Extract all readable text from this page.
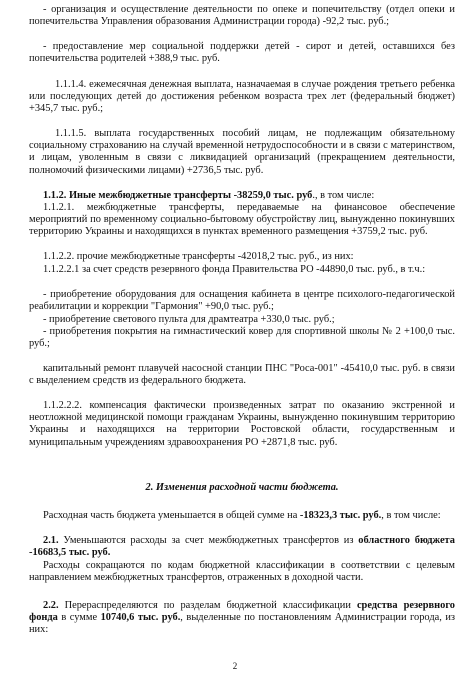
- организация и осуществление деятельности по опеке и попечительству (отдел опеки и попечительства Управления образования Администрации города) -92,2 тыс. руб.;

- предоставление мер социальной поддержки детей - сирот и детей, оставшихся без попечительства родителей +388,9 тыс. руб.

1.1.1.4. ежемесячная денежная выплата, назначаемая в случае рождения третьего ребенка или последующих детей до достижения ребенком возраста трех лет (федеральный бюджет) +345,7 тыс. руб.;

1.1.1.5. выплата государственных пособий лицам, не подлежащим обязательному социальному страхованию на случай временной нетрудоспособности и в связи с материнством, и лицам, уволенным в связи с ликвидацией организаций (прекращением деятельности, полномочий физическими лицами) +2736,5 тыс. руб.

1.1.2. Иные межбюджетные трансферты -38259,0 тыс. руб., в том числе:

1.1.2.1. межбюджетные трансферты, передаваемые на финансовое обеспечение мероприятий по временному социально-бытовому обустройству лиц, вынужденно покинувших территорию Украины и находящихся в пунктах временного размещения +3759,2 тыс. руб.

1.1.2.2. прочие межбюджетные трансферты -42018,2 тыс. руб., из них:

1.1.2.2.1 за счет средств резервного фонда Правительства РО -44890,0 тыс. руб., в т.ч.:

- приобретение оборудования для оснащения кабинета в центре психолого-педагогической реабилитации и коррекции "Гармония" +90,0 тыс. руб.;

- приобретение светового пульта для драмтеатра +330,0 тыс. руб.;

- приобретения покрытия на гимнастический ковер для спортивной школы № 2 +100,0 тыс. руб.;

капитальный ремонт плавучей насосной станции ПНС "Роса-001" -45410,0 тыс. руб. в связи с выделением средств из федерального бюджета.

1.1.2.2.2. компенсация фактически произведенных затрат по оказанию экстренной и неотложной медицинской помощи гражданам Украины, вынужденно покинувшим территорию Украины и находящихся на территории Ростовской области, государственным и муниципальным учреждениям здравоохранения РО +2871,8 тыс. руб.

2. Изменения расходной части бюджета.

Расходная часть бюджета уменьшается в общей сумме на -18323,3 тыс. руб., в том числе:

2.1. Уменьшаются расходы за счет межбюджетных трансфертов из областного бюджета -16683,5 тыс. руб.

Расходы сокращаются по кодам бюджетной классификации в соответствии с целевым направлением межбюджетных трансфертов, отраженных в доходной части.

2.2. Перераспределяются по разделам бюджетной классификации средства резервного фонда в сумме 10740,6 тыс. руб., выделенные по постановлениям Администрации города, из них:

2
